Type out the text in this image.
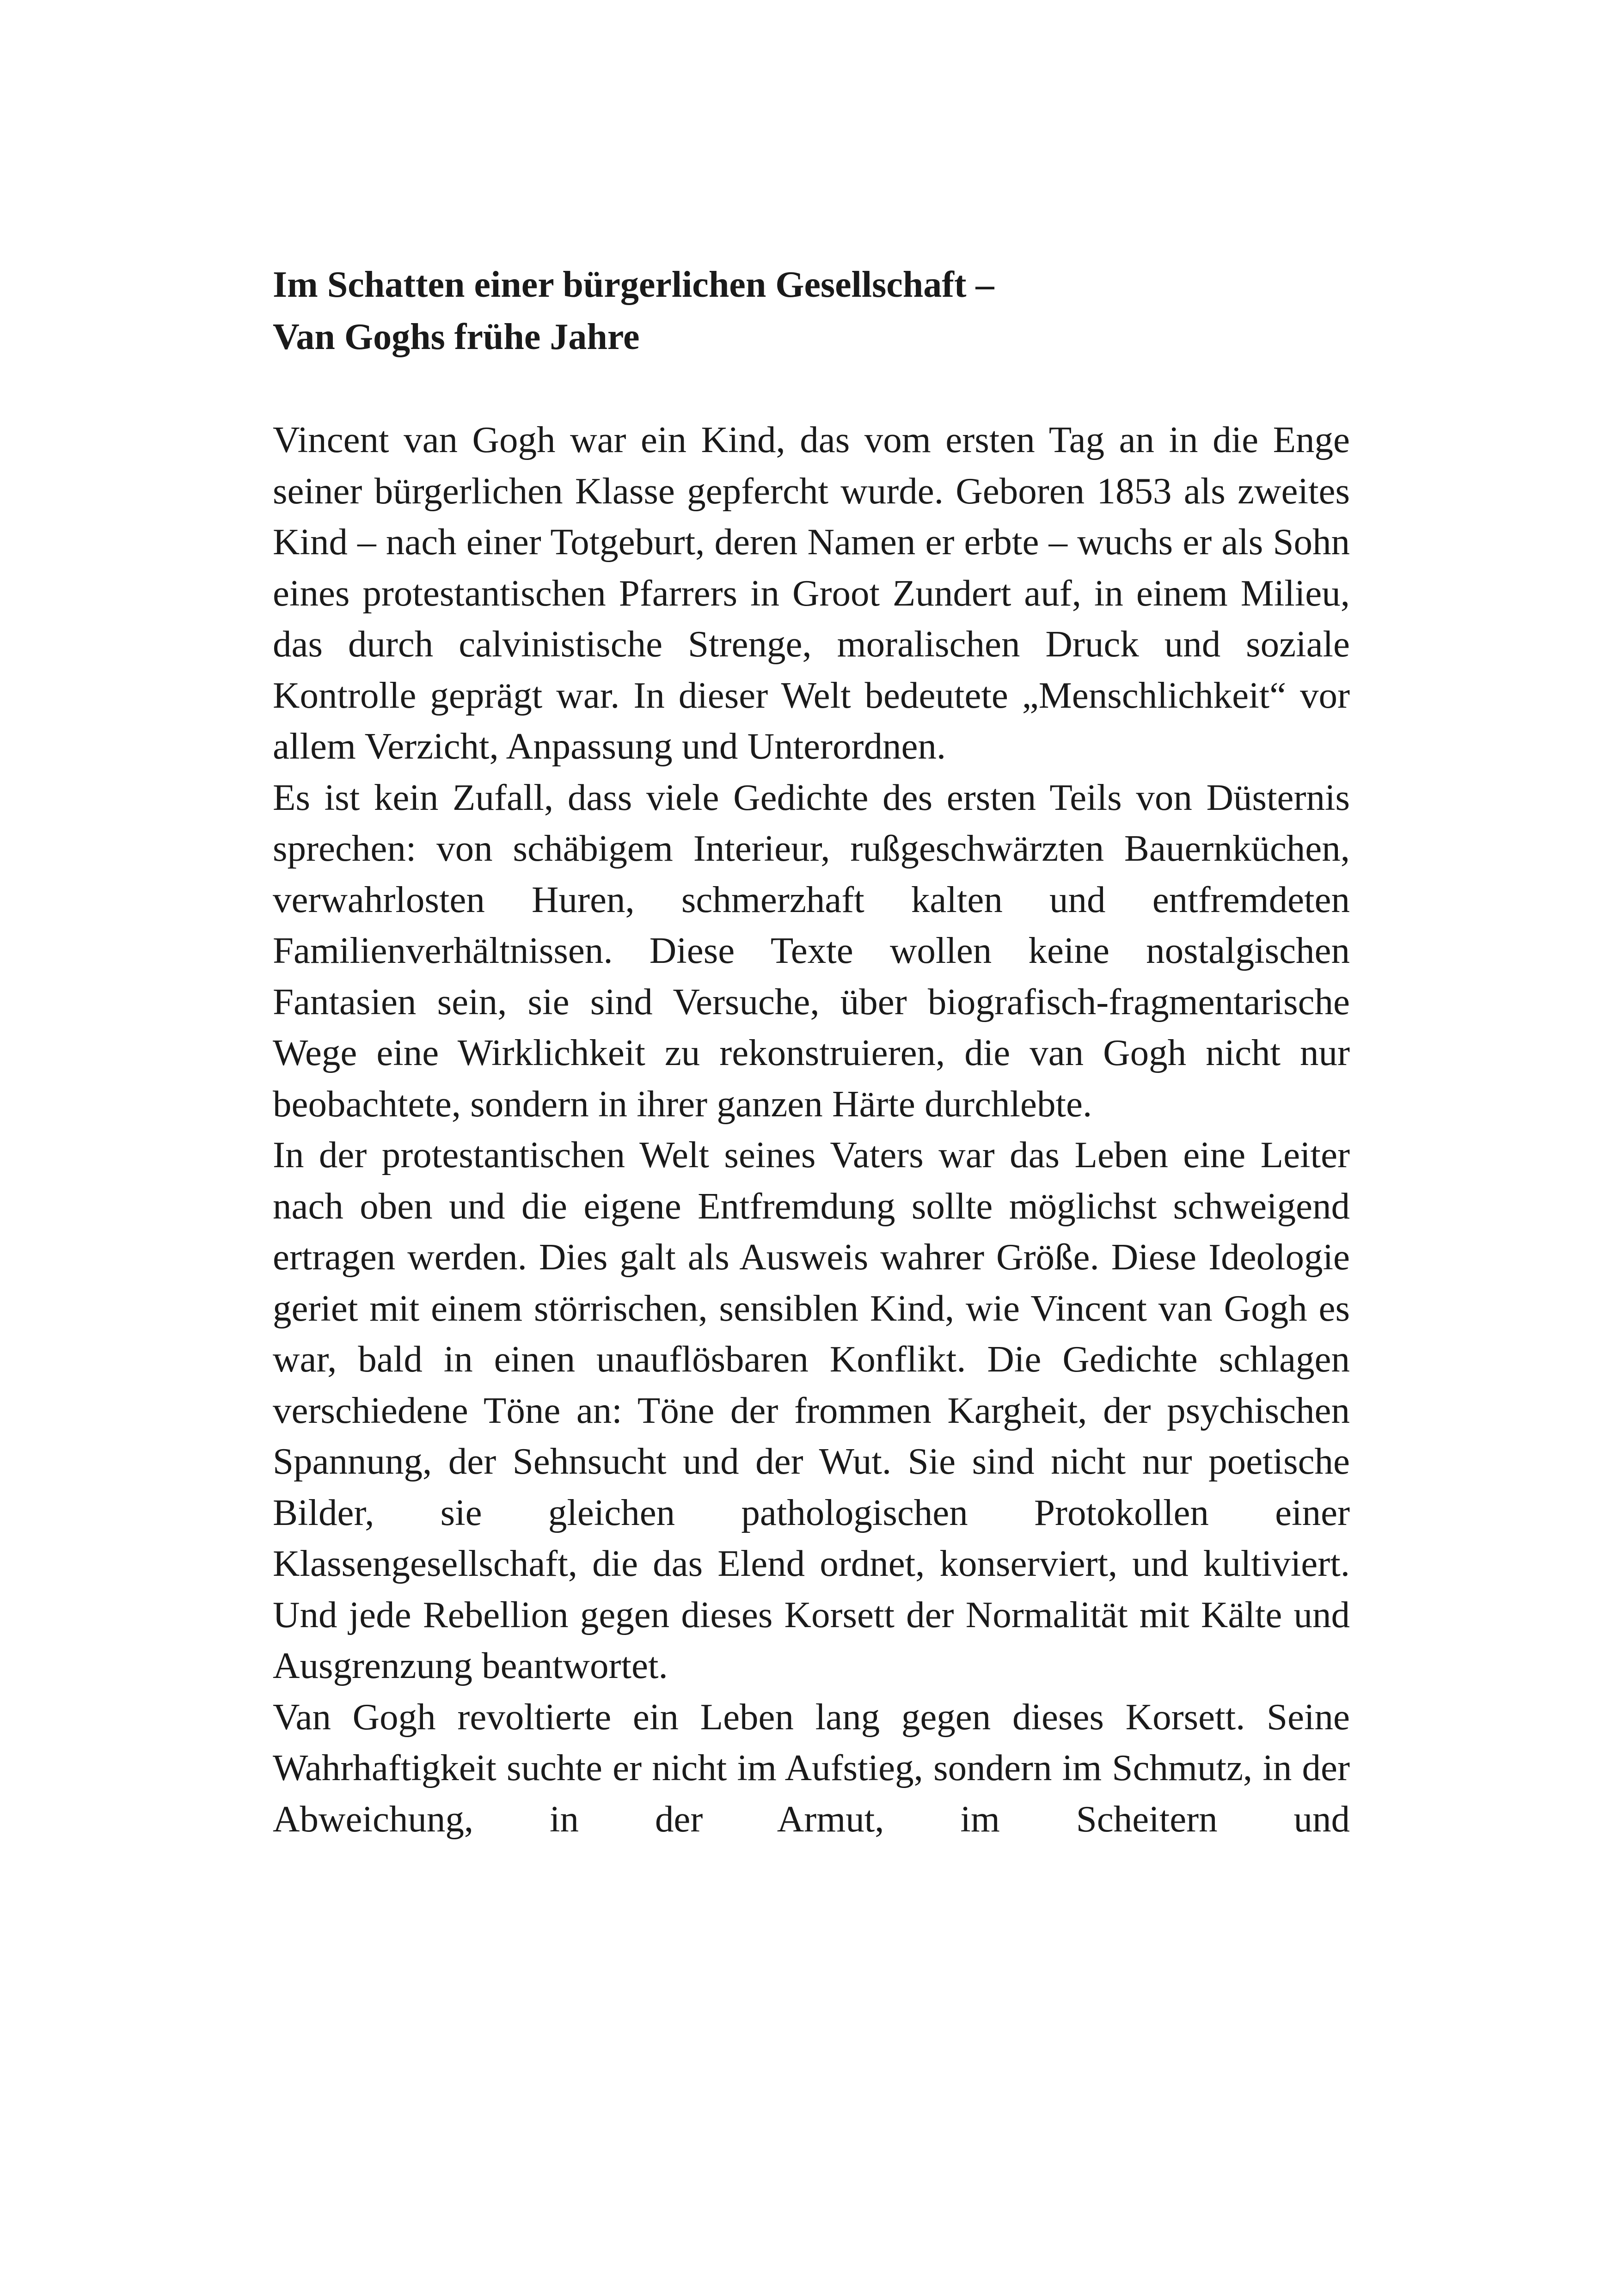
Im Schatten einer bürgerlichen Gesellschaft –
Van Goghs frühe Jahre

Vincent van Gogh war ein Kind, das vom ersten Tag an in die Enge seiner bürgerlichen Klasse gepfercht wurde. Geboren 1853 als zweites Kind – nach einer Totgeburt, deren Namen er erbte – wuchs er als Sohn eines protestantischen Pfarrers in Groot Zundert auf, in einem Milieu, das durch calvinistische Strenge, moralischen Druck und soziale Kontrolle geprägt war. In dieser Welt bedeutete „Menschlichkeit“ vor allem Verzicht, Anpassung und Unterordnen.

Es ist kein Zufall, dass viele Gedichte des ersten Teils von Düsternis sprechen: von schäbigem Interieur, rußgeschwärzten Bauernküchen, verwahrlosten Huren, schmerzhaft kalten und entfremdeten Familienverhältnissen. Diese Texte wollen keine nostalgischen Fantasien sein, sie sind Versuche, über biografisch-fragmentarische Wege eine Wirklichkeit zu rekonstruieren, die van Gogh nicht nur beobachtete, sondern in ihrer ganzen Härte durchlebte.

In der protestantischen Welt seines Vaters war das Leben eine Leiter nach oben und die eigene Entfremdung sollte möglichst schweigend ertragen werden. Dies galt als Ausweis wahrer Größe. Diese Ideologie geriet mit einem störrischen, sensiblen Kind, wie Vincent van Gogh es war, bald in einen unauflösbaren Konflikt. Die Gedichte schlagen verschiedene Töne an: Töne der frommen Kargheit, der psychischen Spannung, der Sehnsucht und der Wut. Sie sind nicht nur poetische Bilder, sie gleichen pathologischen Protokollen einer Klassengesellschaft, die das Elend ordnet, konserviert, und kultiviert. Und jede Rebellion gegen dieses Korsett der Normalität mit Kälte und Ausgrenzung beantwortet.

Van Gogh revoltierte ein Leben lang gegen dieses Korsett. Seine Wahrhaftigkeit suchte er nicht im Aufstieg, sondern im Schmutz, in der Abweichung, in der Armut, im Scheitern und
